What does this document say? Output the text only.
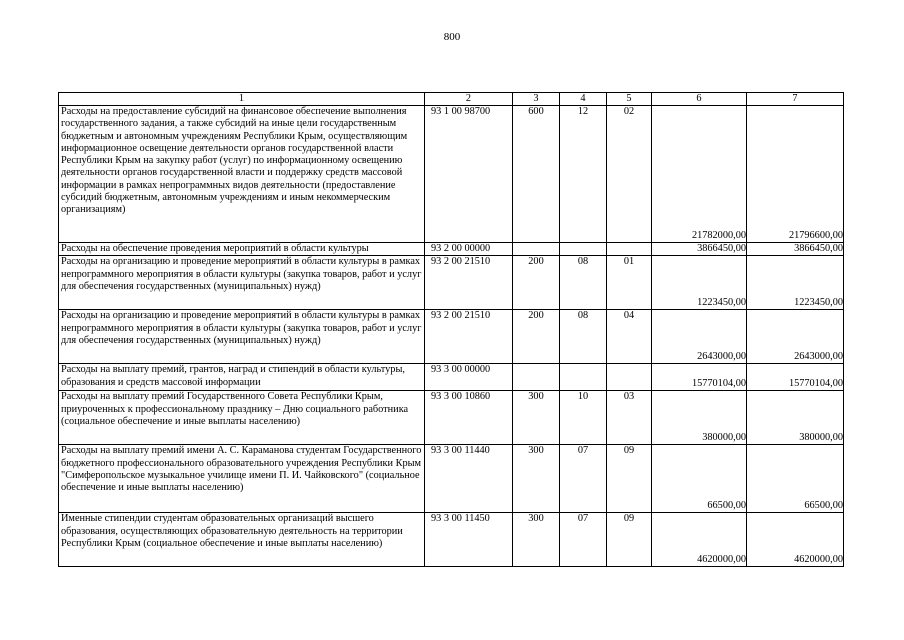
800
1	2	3	4	5	6	7
Расходы на предоставление субсидий на финансовое обеспечение выполнения государственного задания, а также субсидий на иные цели государственным бюджетным и автономным учреждениям Республики Крым, осуществляющим информационное освещение деятельности органов государственной власти Республики Крым на закупку работ (услуг) по информационному освещению деятельности органов государственной власти и поддержку средств массовой информации в рамках непрограммных видов деятельности (предоставление субсидий бюджетным, автономным учреждениям и иным некоммерческим организациям)	93 1 00 98700	600	12	02	21782000,00	21796600,00
Расходы на обеспечение проведения мероприятий в области культуры	93 2 00 00000				3866450,00	3866450,00
Расходы на организацию и проведение мероприятий в области культуры в рамках непрограммного мероприятия в области культуры (закупка товаров, работ и услуг для обеспечения государственных (муниципальных) нужд)	93 2 00 21510	200	08	01	1223450,00	1223450,00
Расходы на организацию и проведение мероприятий в области культуры в рамках непрограммного мероприятия в области культуры (закупка товаров, работ и услуг для обеспечения государственных (муниципальных) нужд)	93 2 00 21510	200	08	04	2643000,00	2643000,00
Расходы на выплату премий, грантов, наград и стипендий в области культуры, образования и средств массовой информации	93 3 00 00000				15770104,00	15770104,00
Расходы на выплату премий Государственного Совета Республики Крым, приуроченных к профессиональному празднику – Дню социального работника (социальное обеспечение и иные выплаты населению)	93 3 00 10860	300	10	03	380000,00	380000,00
Расходы на выплату премий имени А. С. Караманова студентам Государственного бюджетного профессионального образовательного учреждения Республики Крым "Симферопольское музыкальное училище имени П. И. Чайковского" (социальное обеспечение и иные выплаты населению)	93 3 00 11440	300	07	09	66500,00	66500,00
Именные стипендии студентам образовательных организаций высшего образования, осуществляющих образовательную деятельность на территории Республики Крым (социальное обеспечение и иные выплаты населению)	93 3 00 11450	300	07	09	4620000,00	4620000,00
